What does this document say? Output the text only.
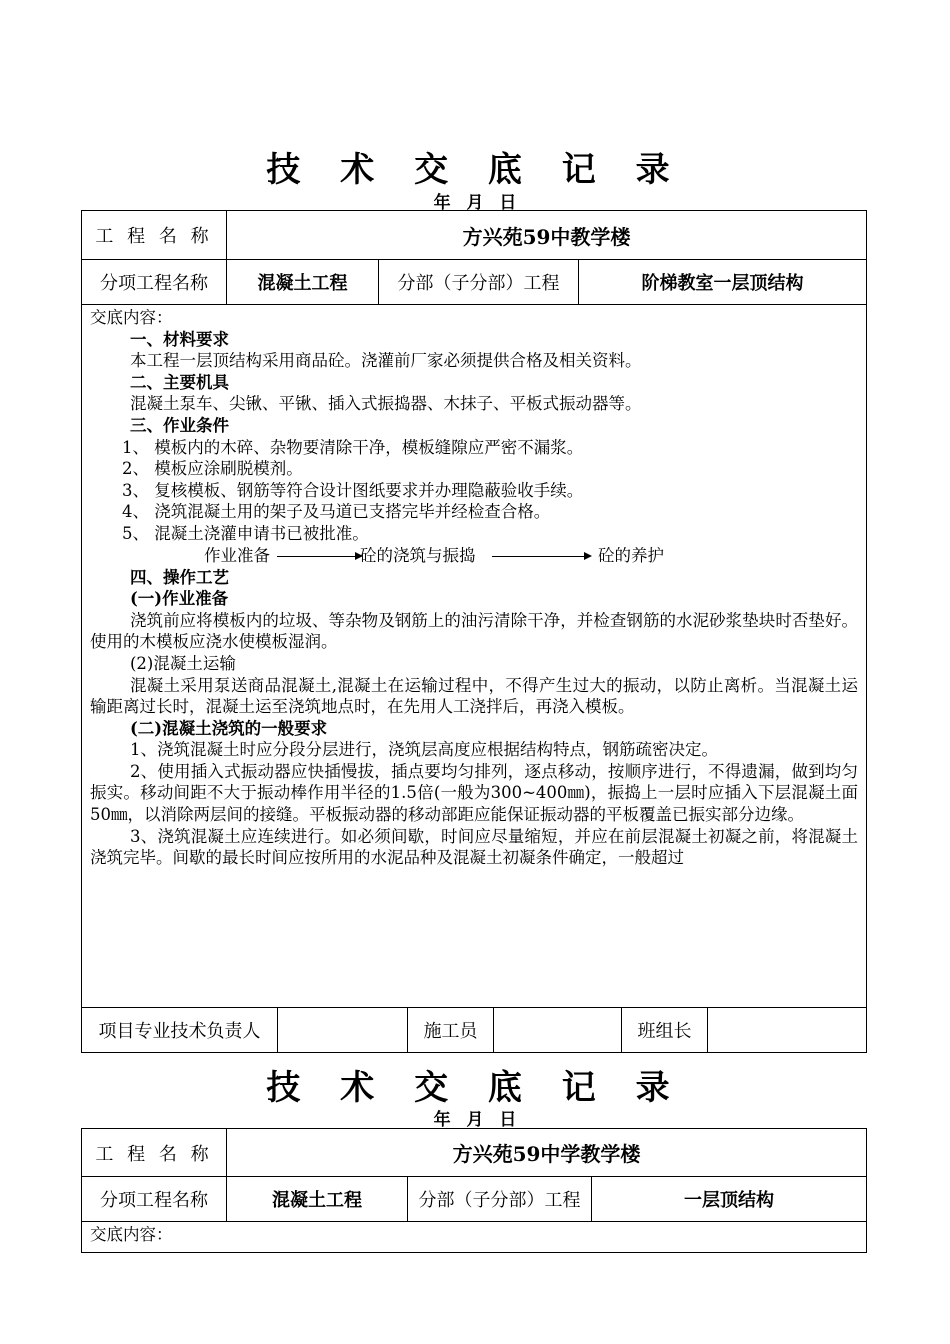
技 术 交 底 记 录
年 月 日
工 程 名 称	方兴苑59中教学楼
分项工程名称	混凝土工程	分部（子分部）工程	阶梯教室一层顶结构

交底内容：

一、材料要求

本工程一层顶结构采用商品砼。浇灌前厂家必须提供合格及相关资料。

二、主要机具

混凝土泵车、尖锹、平锹、插入式振捣器、木抹子、平板式振动器等。

三、作业条件

1、 模板内的木碎、杂物要清除干净，模板缝隙应严密不漏浆。

2、 模板应涂刷脱模剂。

3、 复核模板、钢筋等符合设计图纸要求并办理隐蔽验收手续。

4、 浇筑混凝土用的架子及马道已支搭完毕并经检查合格。

5、 混凝土浇灌申请书已被批准。

作业准备	砼的浇筑与振捣	砼的养护

四、操作工艺

(一)作业准备

浇筑前应将模板内的垃圾、等杂物及钢筋上的油污清除干净，并检查钢筋的水泥砂浆垫块时否垫好。使用的木模板应浇水使模板湿润。

(2)混凝土运输

混凝土采用泵送商品混凝土,混凝土在运输过程中，不得产生过大的振动，以防止离析。当混凝土运输距离过长时，混凝土运至浇筑地点时，在先用人工浇拌后，再浇入模板。

(二)混凝土浇筑的一般要求

1、浇筑混凝土时应分段分层进行，浇筑层高度应根据结构特点，钢筋疏密决定。

2、使用插入式振动器应快插慢拔，插点要均匀排列，逐点移动，按顺序进行，不得遗漏，做到均匀振实。移动间距不大于振动棒作用半径的1.5倍(一般为300~400㎜)，振捣上一层时应插入下层混凝土面50㎜，以消除两层间的接缝。平板振动器的移动部距应能保证振动器的平板覆盖已振实部分边缘。

3、浇筑混凝土应连续进行。如必须间歇，时间应尽量缩短，并应在前层混凝土初凝之前，将混凝土浇筑完毕。间歇的最长时间应按所用的水泥品种及混凝土初凝条件确定，一般超过

项目专业技术负责人	施工员	班组长
技 术 交 底 记 录
年 月 日
工 程 名 称	方兴苑59中学教学楼
分项工程名称	混凝土工程	分部（子分部）工程	一层顶结构

交底内容：
